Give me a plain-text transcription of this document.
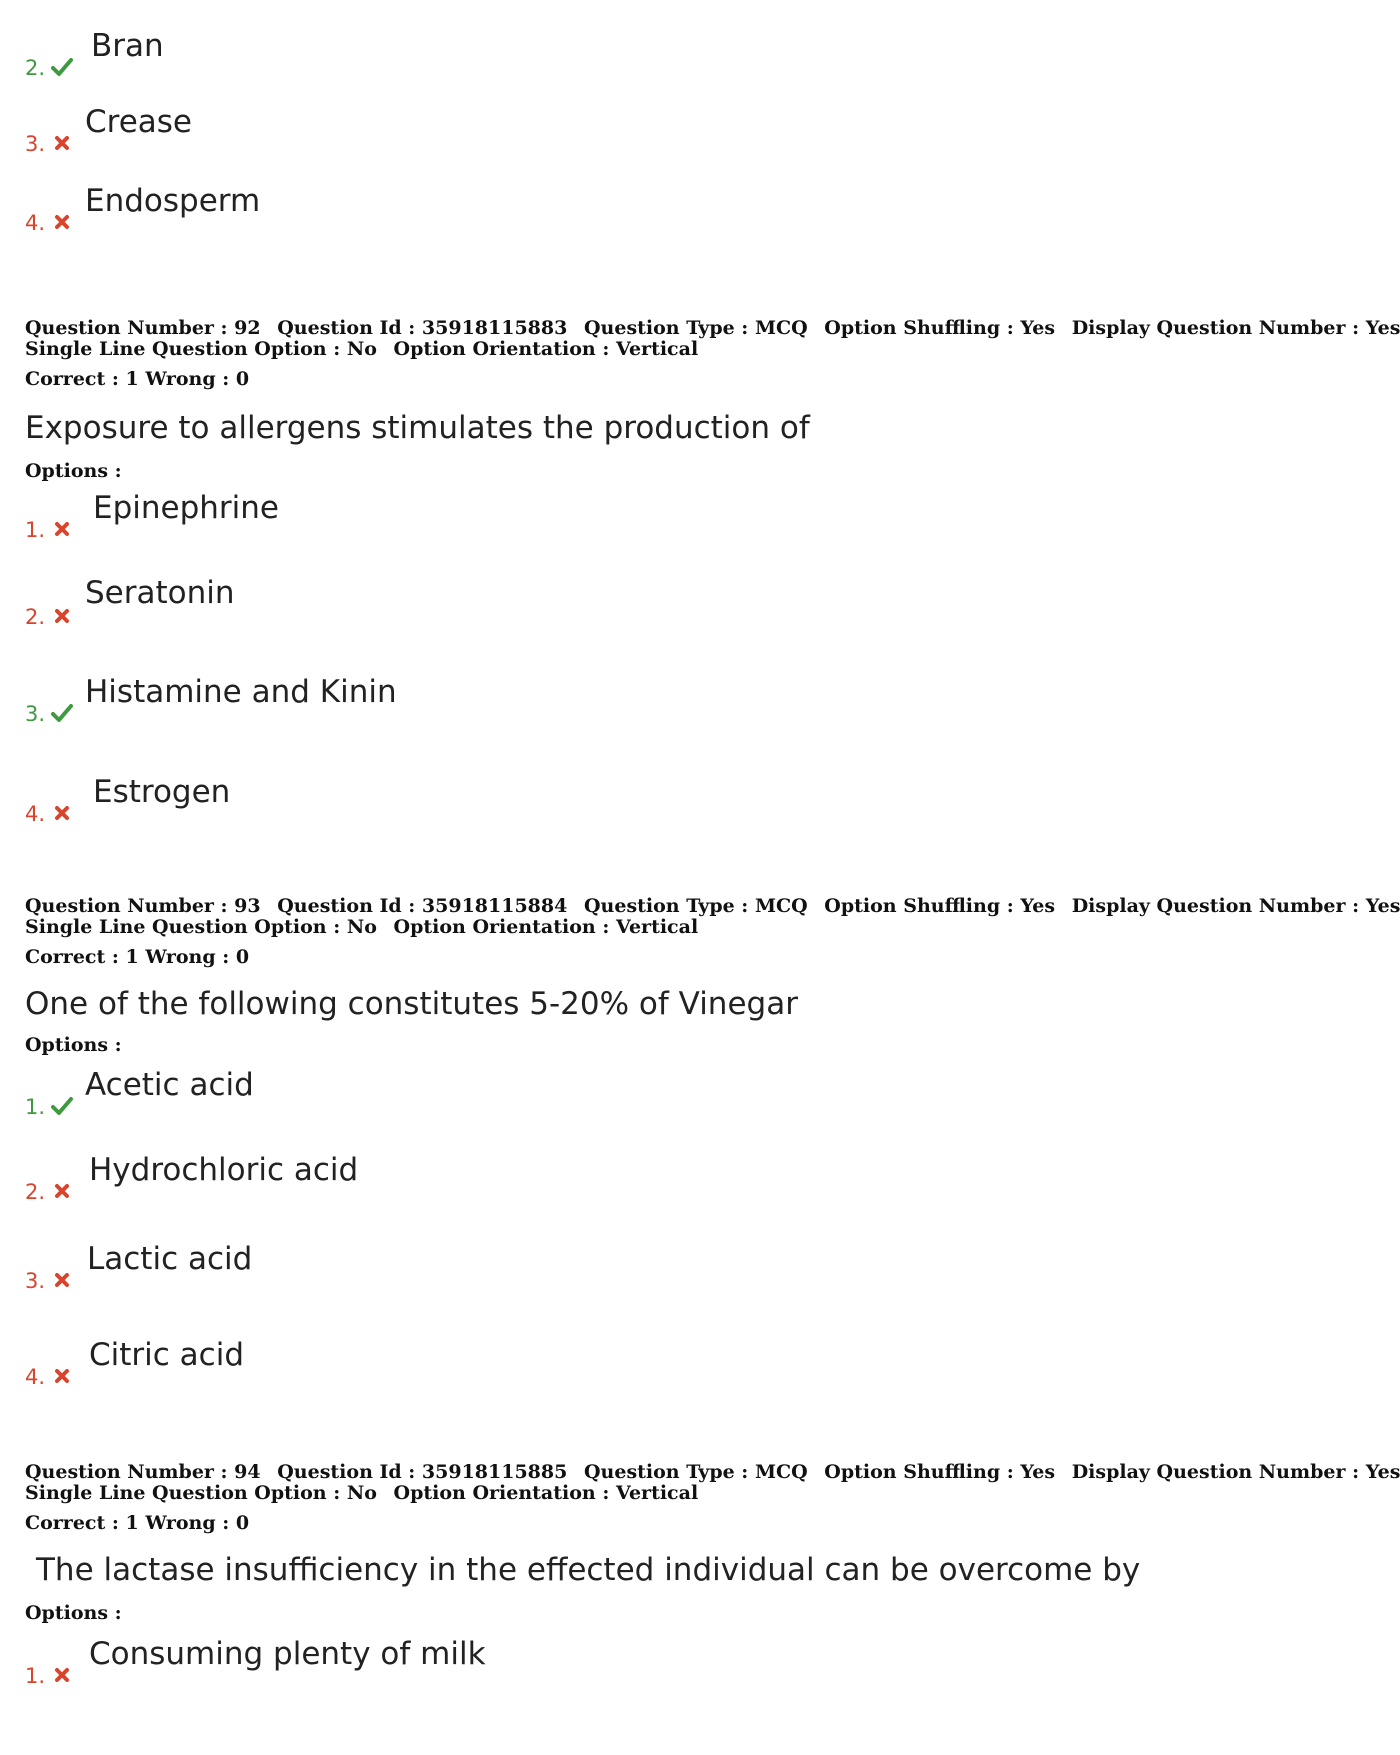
2.
Bran
3.
Crease
4.
Endosperm
Question Number : 92 Question Id : 35918115883 Question Type : MCQ Option Shuffling : Yes Display Question Number : Yes
Single Line Question Option : No Option Orientation : Vertical
Correct : 1 Wrong : 0
Exposure to allergens stimulates the production of
Options :
1.
Epinephrine
2.
Seratonin
3.
Histamine and Kinin
4.
Estrogen
Question Number : 93 Question Id : 35918115884 Question Type : MCQ Option Shuffling : Yes Display Question Number : Yes
Single Line Question Option : No Option Orientation : Vertical
Correct : 1 Wrong : 0
One of the following constitutes 5-20% of Vinegar
Options :
1.
Acetic acid
2.
Hydrochloric acid
3.
Lactic acid
4.
Citric acid
Question Number : 94 Question Id : 35918115885 Question Type : MCQ Option Shuffling : Yes Display Question Number : Yes
Single Line Question Option : No Option Orientation : Vertical
Correct : 1 Wrong : 0
The lactase insufficiency in the effected individual can be overcome by
Options :
1.
Consuming plenty of milk
